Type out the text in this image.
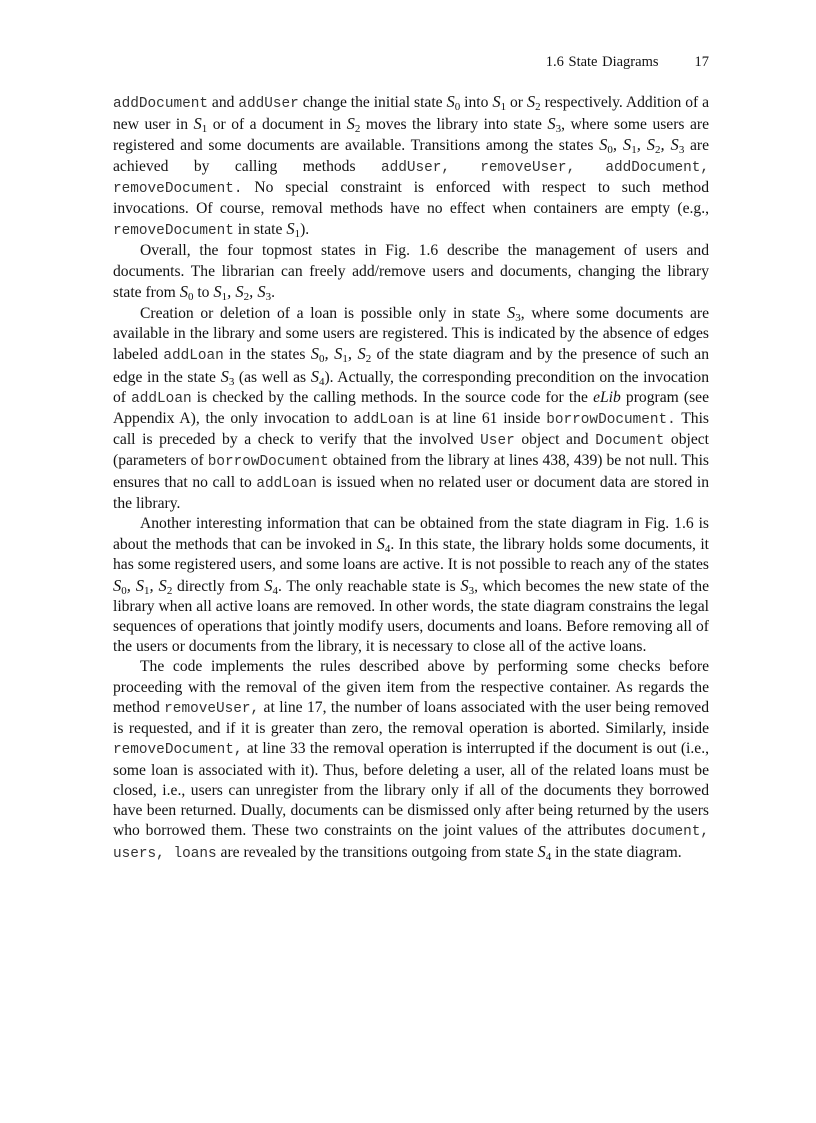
1.6 State Diagrams 17

addDocument and addUser change the initial state $S_0$ into $S_1$ or $S_2$ respectively. Addition of a new user in $S_1$ or of a document in $S_2$ moves the library into state $S_3$, where some users are registered and some documents are available. Transitions among the states $S_0$, $S_1$, $S_2$, $S_3$ are achieved by calling methods addUser, removeUser, addDocument, removeDocument. No special constraint is enforced with respect to such method invocations. Of course, removal methods have no effect when containers are empty (e.g., removeDocument in state $S_1$).

Overall, the four topmost states in Fig. 1.6 describe the management of users and documents. The librarian can freely add/remove users and documents, changing the library state from $S_0$ to $S_1$, $S_2$, $S_3$.

Creation or deletion of a loan is possible only in state $S_3$, where some documents are available in the library and some users are registered. This is indicated by the absence of edges labeled addLoan in the states $S_0$, $S_1$, $S_2$ of the state diagram and by the presence of such an edge in the state $S_3$ (as well as $S_4$). Actually, the corresponding precondition on the invocation of addLoan is checked by the calling methods. In the source code for the eLib program (see Appendix A), the only invocation to addLoan is at line 61 inside borrowDocument. This call is preceded by a check to verify that the involved User object and Document object (parameters of borrowDocument obtained from the library at lines 438, 439) be not null. This ensures that no call to addLoan is issued when no related user or document data are stored in the library.

Another interesting information that can be obtained from the state diagram in Fig. 1.6 is about the methods that can be invoked in $S_4$. In this state, the library holds some documents, it has some registered users, and some loans are active. It is not possible to reach any of the states $S_0$, $S_1$, $S_2$ directly from $S_4$. The only reachable state is $S_3$, which becomes the new state of the library when all active loans are removed. In other words, the state diagram constrains the legal sequences of operations that jointly modify users, documents and loans. Before removing all of the users or documents from the library, it is necessary to close all of the active loans.

The code implements the rules described above by performing some checks before proceeding with the removal of the given item from the respective container. As regards the method removeUser, at line 17, the number of loans associated with the user being removed is requested, and if it is greater than zero, the removal operation is aborted. Similarly, inside removeDocument, at line 33 the removal operation is interrupted if the document is out (i.e., some loan is associated with it). Thus, before deleting a user, all of the related loans must be closed, i.e., users can unregister from the library only if all of the documents they borrowed have been returned. Dually, documents can be dismissed only after being returned by the users who borrowed them. These two constraints on the joint values of the attributes document, users, loans are revealed by the transitions outgoing from state $S_4$ in the state diagram.
